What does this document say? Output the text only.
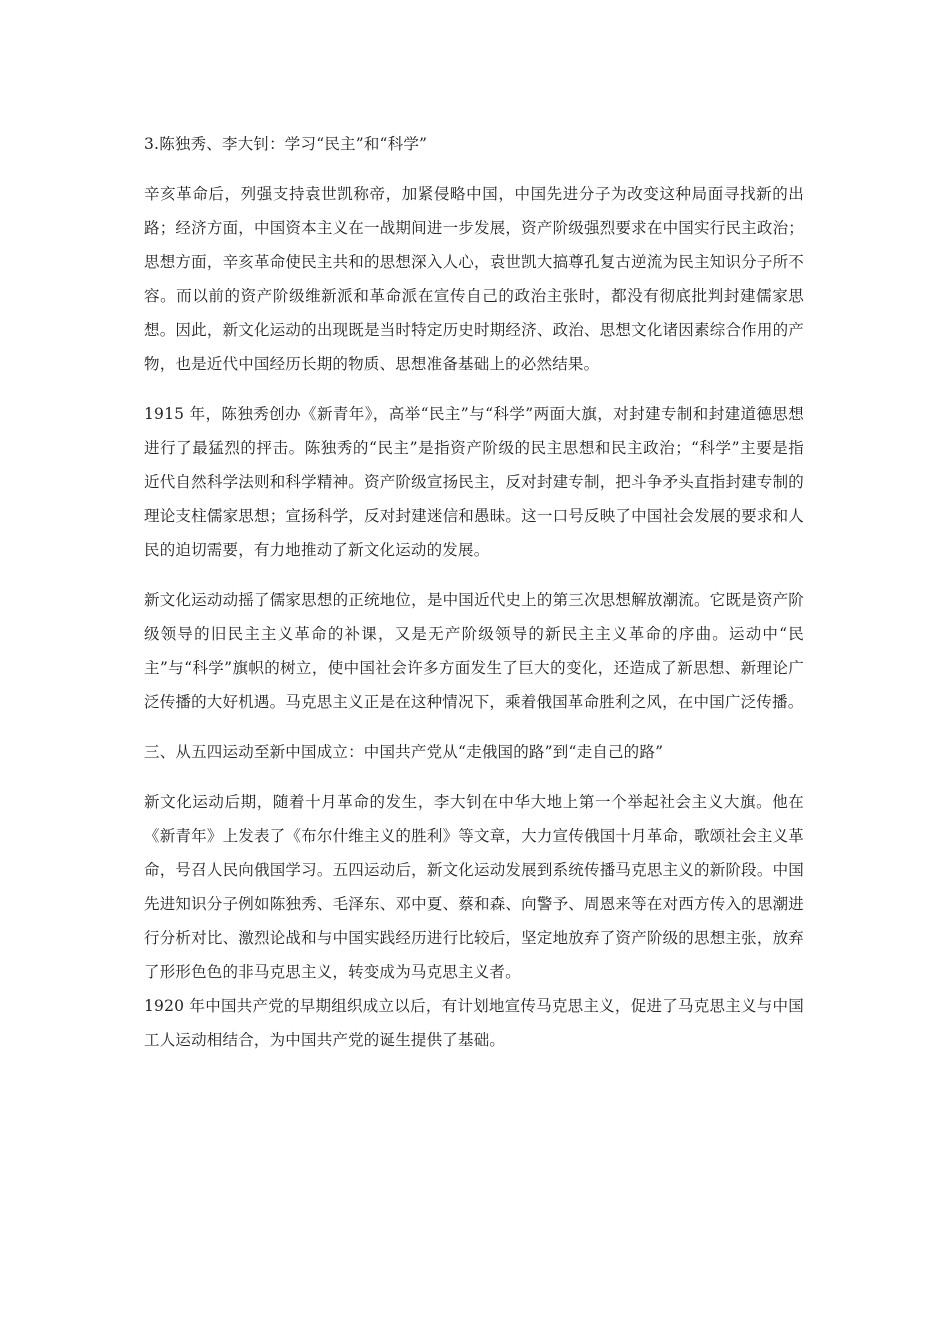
3.陈独秀、李大钊：学习“民主”和“科学”
辛亥革命后，列强支持袁世凯称帝，加紧侵略中国，中国先进分子为改变这种局面寻找新的出路；经济方面，中国资本主义在一战期间进一步发展，资产阶级强烈要求在中国实行民主政治；思想方面，辛亥革命使民主共和的思想深入人心，袁世凯大搞尊孔复古逆流为民主知识分子所不容。而以前的资产阶级维新派和革命派在宣传自己的政治主张时，都没有彻底批判封建儒家思想。因此，新文化运动的出现既是当时特定历史时期经济、政治、思想文化诸因素综合作用的产物，也是近代中国经历长期的物质、思想准备基础上的必然结果。
1915 年，陈独秀创办《新青年》，高举“民主”与“科学”两面大旗，对封建专制和封建道德思想进行了最猛烈的抨击。陈独秀的“民主”是指资产阶级的民主思想和民主政治；“科学”主要是指近代自然科学法则和科学精神。资产阶级宣扬民主，反对封建专制，把斗争矛头直指封建专制的理论支柱儒家思想；宣扬科学，反对封建迷信和愚昧。这一口号反映了中国社会发展的要求和人民的迫切需要，有力地推动了新文化运动的发展。
新文化运动动摇了儒家思想的正统地位，是中国近代史上的第三次思想解放潮流。它既是资产阶级领导的旧民主主义革命的补课，又是无产阶级领导的新民主主义革命的序曲。运动中“民主”与“科学”旗帜的树立，使中国社会许多方面发生了巨大的变化，还造成了新思想、新理论广泛传播的大好机遇。马克思主义正是在这种情况下，乘着俄国革命胜利之风，在中国广泛传播。
三、从五四运动至新中国成立：中国共产党从“走俄国的路”到“走自己的路”
新文化运动后期，随着十月革命的发生，李大钊在中华大地上第一个举起社会主义大旗。他在《新青年》上发表了《布尔什维主义的胜利》等文章，大力宣传俄国十月革命，歌颂社会主义革命，号召人民向俄国学习。五四运动后，新文化运动发展到系统传播马克思主义的新阶段。中国先进知识分子例如陈独秀、毛泽东、邓中夏、蔡和森、向警予、周恩来等在对西方传入的思潮进行分析对比、激烈论战和与中国实践经历进行比较后，坚定地放弃了资产阶级的思想主张，放弃了形形色色的非马克思主义，转变成为马克思主义者。
1920 年中国共产党的早期组织成立以后，有计划地宣传马克思主义，促进了马克思主义与中国工人运动相结合，为中国共产党的诞生提供了基础。
